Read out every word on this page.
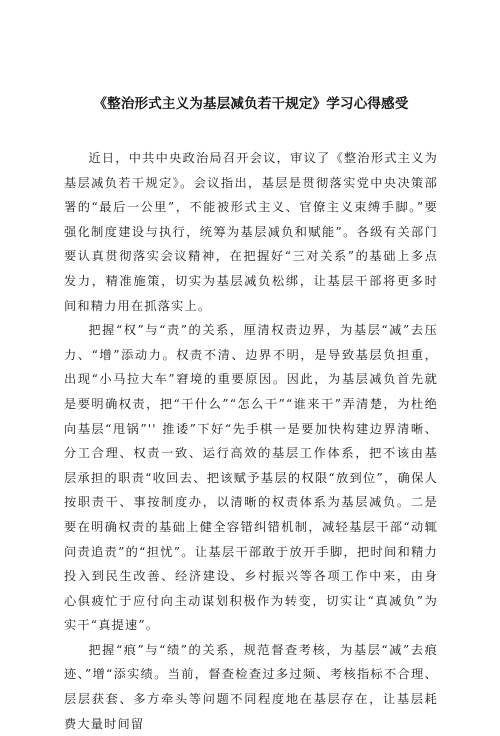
《整治形式主义为基层减负若干规定》学习心得感受

近日，中共中央政治局召开会议，审议了《整治形式主义为基层减负若干规定》。会议指出，基层是贯彻落实党中央决策部署的“最后一公里”，不能被形式主义、官僚主义束缚手脚。”要强化制度建设与执行，统筹为基层减负和赋能”。各级有关部门要认真贯彻落实会议精神，在把握好“三对关系”的基础上多点发力，精准施策，切实为基层减负松绑，让基层干部将更多时间和精力用在抓落实上。

把握“权”与“责”的关系，厘清权责边界，为基层“减”去压力、“增”添动力。权责不清、边界不明，是导致基层负担重，出现“小马拉大车”窘境的重要原因。因此，为基层减负首先就是要明确权责，把“干什么”“怎么干”“谁来干”弄清楚，为杜绝向基层“甩锅”'' 推诿”下好“先手棋一是要加快构建边界清晰、分工合理、权责一致、运行高效的基层工作体系，把不该由基层承担的职责“收回去、把该赋予基层的权限“放到位”，确保人按职责干、事按制度办，以清晰的权责体系为基层减负。二是要在明确权责的基础上健全容错纠错机制，减轻基层干部“动辄问责追责”的“担忧”。让基层干部敢于放开手脚，把时间和精力投入到民生改善、经济建设、乡村振兴等各项工作中来，由身心俱疲忙于应付向主动谋划积极作为转变，切实让“真减负”为实干“真提速”。

把握“痕”与“绩”的关系，规范督查考核，为基层“减”去痕迹、”增“添实绩。当前，督查检查过多过频、考核指标不合理、层层获套、多方牵头等问题不同程度地在基层存在，让基层耗费大量时间留
